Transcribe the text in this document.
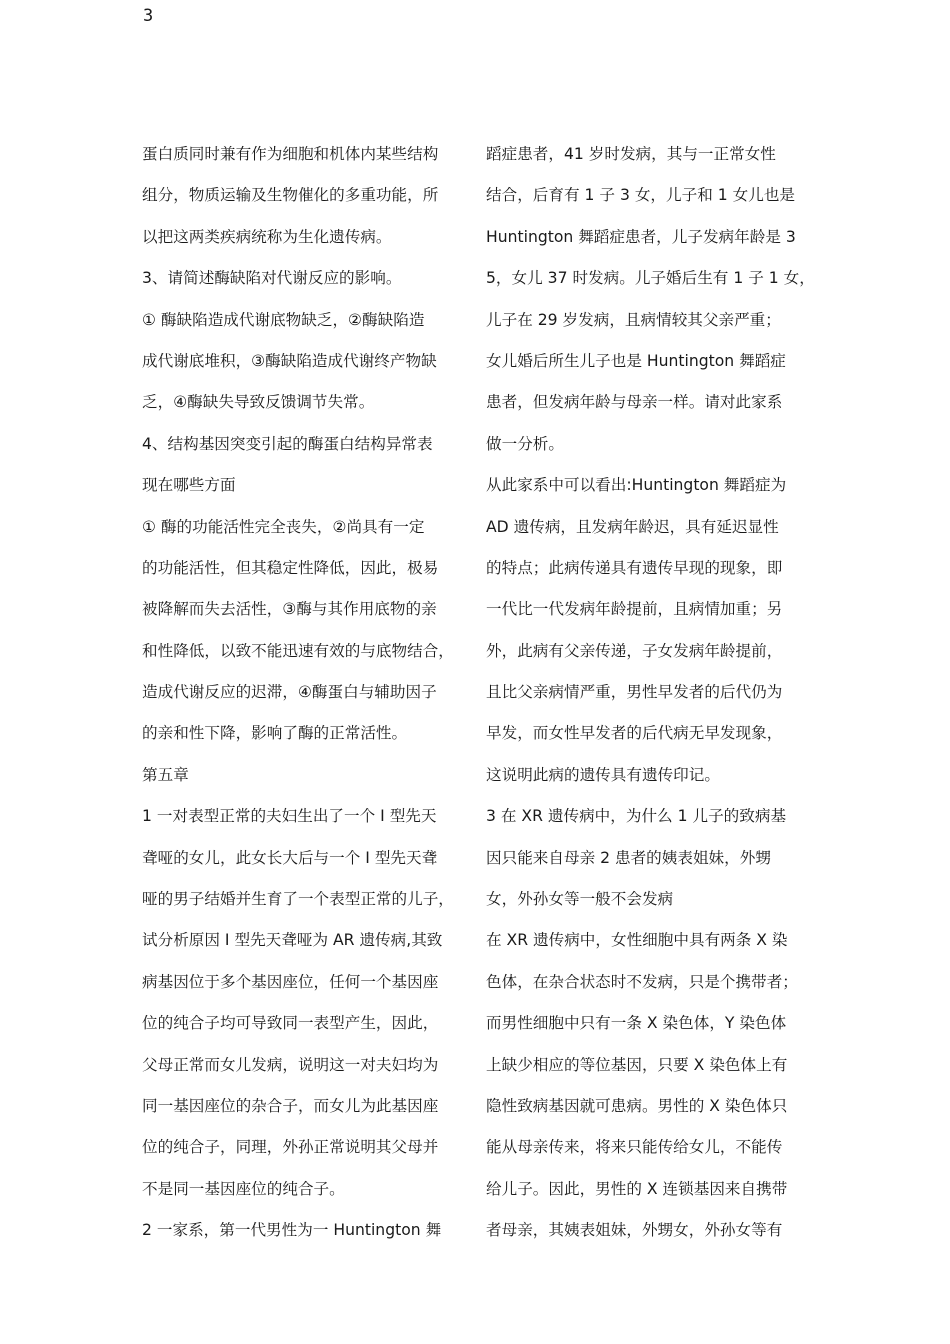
3
蛋白质同时兼有作为细胞和机体内某些结构
组分，物质运输及生物催化的多重功能，所
以把这两类疾病统称为生化遗传病。
3、请简述酶缺陷对代谢反应的影响。
① 酶缺陷造成代谢底物缺乏，②酶缺陷造
成代谢底堆积，③酶缺陷造成代谢终产物缺
乏，④酶缺失导致反馈调节失常。
4、结构基因突变引起的酶蛋白结构异常表
现在哪些方面
① 酶的功能活性完全丧失，②尚具有一定
的功能活性，但其稳定性降低，因此，极易
被降解而失去活性，③酶与其作用底物的亲
和性降低，以致不能迅速有效的与底物结合，
造成代谢反应的迟滞，④酶蛋白与辅助因子
的亲和性下降，影响了酶的正常活性。
第五章
1 一对表型正常的夫妇生出了一个 I 型先天
聋哑的女儿，此女长大后与一个 I 型先天聋
哑的男子结婚并生育了一个表型正常的儿子，
试分析原因 I 型先天聋哑为 AR 遗传病,其致
病基因位于多个基因座位，任何一个基因座
位的纯合子均可导致同一表型产生，因此，
父母正常而女儿发病，说明这一对夫妇均为
同一基因座位的杂合子，而女儿为此基因座
位的纯合子，同理，外孙正常说明其父母并
不是同一基因座位的纯合子。
2 一家系，第一代男性为一 Huntington 舞
蹈症患者，41 岁时发病，其与一正常女性
结合，后育有 1 子 3 女，儿子和 1 女儿也是
Huntington 舞蹈症患者，儿子发病年龄是 3
5，女儿 37 时发病。儿子婚后生有 1 子 1 女，
儿子在 29 岁发病，且病情较其父亲严重；
女儿婚后所生儿子也是 Huntington 舞蹈症
患者，但发病年龄与母亲一样。请对此家系
做一分析。
从此家系中可以看出:Huntington 舞蹈症为
AD 遗传病，且发病年龄迟，具有延迟显性
的特点；此病传递具有遗传早现的现象，即
一代比一代发病年龄提前，且病情加重；另
外，此病有父亲传递，子女发病年龄提前，
且比父亲病情严重，男性早发者的后代仍为
早发，而女性早发者的后代病无早发现象，
这说明此病的遗传具有遗传印记。
3 在 XR 遗传病中，为什么 1 儿子的致病基
因只能来自母亲 2 患者的姨表姐妹，外甥
女，外孙女等一般不会发病
在 XR 遗传病中，女性细胞中具有两条 X 染
色体，在杂合状态时不发病，只是个携带者；
而男性细胞中只有一条 X 染色体，Y 染色体
上缺少相应的等位基因，只要 X 染色体上有
隐性致病基因就可患病。男性的 X 染色体只
能从母亲传来，将来只能传给女儿，不能传
给儿子。因此，男性的 X 连锁基因来自携带
者母亲，其姨表姐妹，外甥女，外孙女等有
